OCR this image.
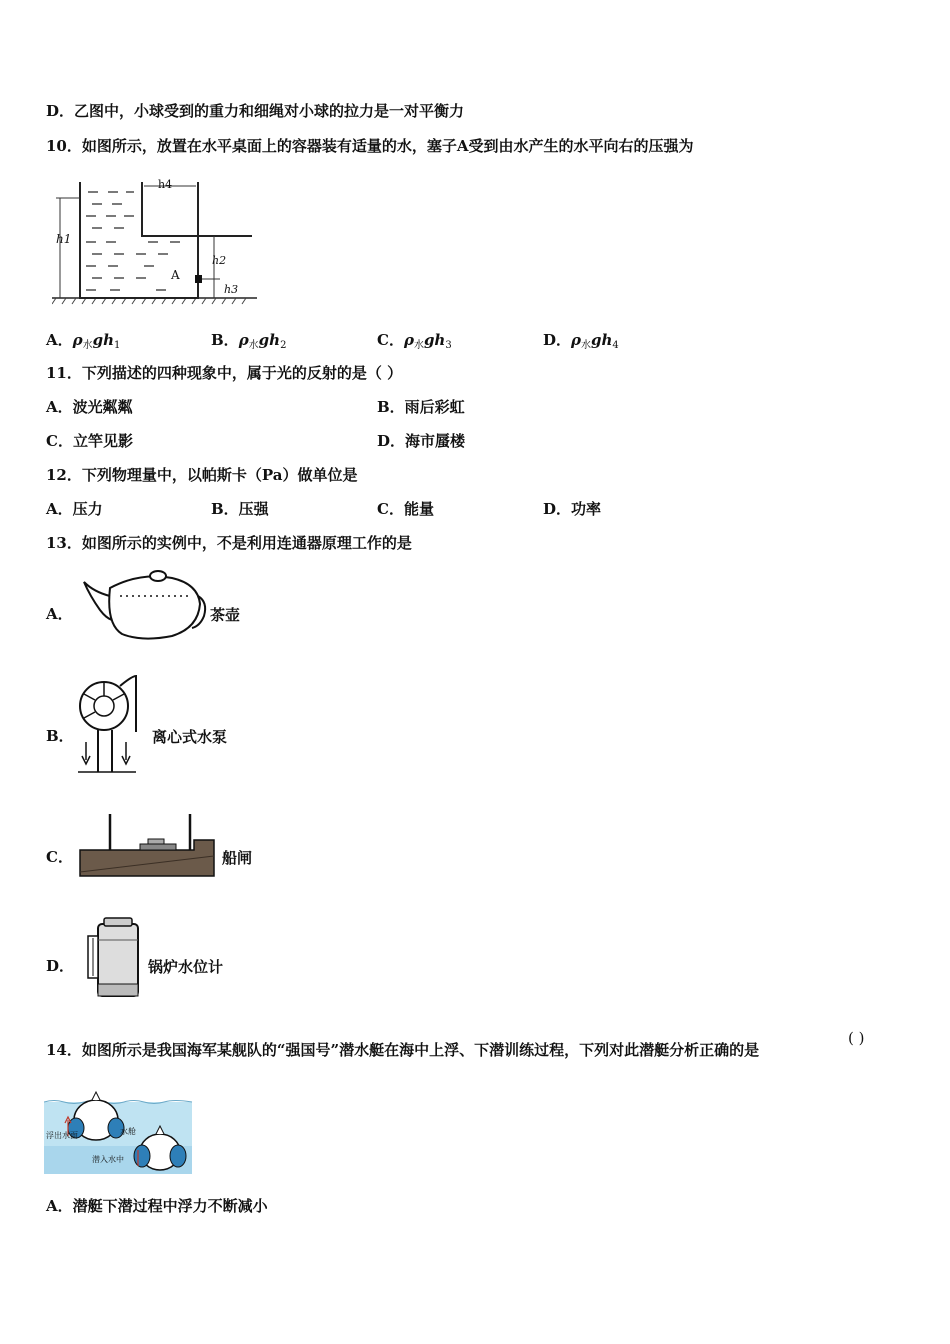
D．乙图中，小球受到的重力和细绳对小球的拉力是一对平衡力
10．如图所示，放置在水平桌面上的容器装有适量的水，塞子A受到由水产生的水平向右的压强为
h1
h4
h2
h3
A
A．$\rho_水gh_1$	B．$\rho_水gh_2$	C．$\rho_水gh_3$	D．$\rho_水gh_4$
11．下列描述的四种现象中，属于光的反射的是（ ）
A．波光粼粼	B．雨后彩虹
C．立竿见影	D．海市蜃楼
12．下列物理量中，以帕斯卡（Pa）做单位是
A．压力	B．压强	C．能量	D．功率
13．如图所示的实例中，不是利用连通器原理工作的是
A．	茶壶
B．	离心式水泵
C．	船闸
D．	锅炉水位计
14．如图所示是我国海军某舰队的“强国号”潜水艇在海中上浮、下潜训练过程，下列对此潜艇分析正确的是
( )
浮出水面	水舱
潜入水中
A．潜艇下潜过程中浮力不断减小
